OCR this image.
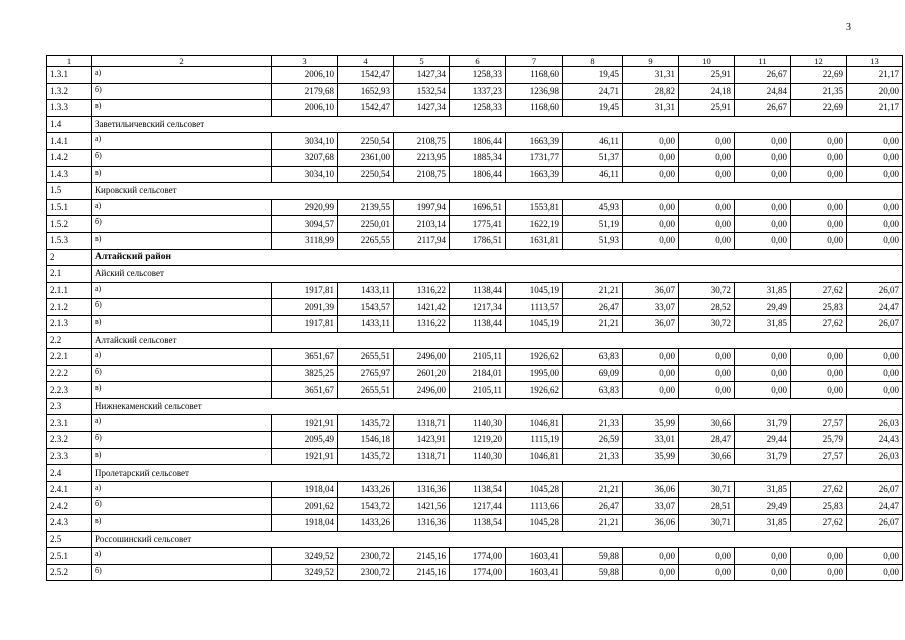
3
1	2	3	4	5	6	7	8	9	10	11	12	13
1.3.1	а)	2006,10	1542,47	1427,34	1258,33	1168,60	19,45	31,31	25,91	26,67	22,69	21,17
1.3.2	б)	2179,68	1652,93	1532,54	1337,23	1236,98	24,71	28,82	24,18	24,84	21,35	20,00
1.3.3	в)	2006,10	1542,47	1427,34	1258,33	1168,60	19,45	31,31	25,91	26,67	22,69	21,17
1.4	Заветильичевский сельсовет											
1.4.1	а)	3034,10	2250,54	2108,75	1806,44	1663,39	46,11	0,00	0,00	0,00	0,00	0,00
1.4.2	б)	3207,68	2361,00	2213,95	1885,34	1731,77	51,37	0,00	0,00	0,00	0,00	0,00
1.4.3	в)	3034,10	2250,54	2108,75	1806,44	1663,39	46,11	0,00	0,00	0,00	0,00	0,00
1.5	Кировский сельсовет											
1.5.1	а)	2920,99	2139,55	1997,94	1696,51	1553,81	45,93	0,00	0,00	0,00	0,00	0,00
1.5.2	б)	3094,57	2250,01	2103,14	1775,41	1622,19	51,19	0,00	0,00	0,00	0,00	0,00
1.5.3	в)	3118,99	2265,55	2117,94	1786,51	1631,81	51,93	0,00	0,00	0,00	0,00	0,00
2	Алтайский район											
2.1	Айский сельсовет											
2.1.1	а)	1917,81	1433,11	1316,22	1138,44	1045,19	21,21	36,07	30,72	31,85	27,62	26,07
2.1.2	б)	2091,39	1543,57	1421,42	1217,34	1113,57	26,47	33,07	28,52	29,49	25,83	24,47
2.1.3	в)	1917,81	1433,11	1316,22	1138,44	1045,19	21,21	36,07	30,72	31,85	27,62	26,07
2.2	Алтайский сельсовет											
2.2.1	а)	3651,67	2655,51	2496,00	2105,11	1926,62	63,83	0,00	0,00	0,00	0,00	0,00
2.2.2	б)	3825,25	2765,97	2601,20	2184,01	1995,00	69,09	0,00	0,00	0,00	0,00	0,00
2.2.3	в)	3651,67	2655,51	2496,00	2105,11	1926,62	63,83	0,00	0,00	0,00	0,00	0,00
2.3	Нижнекаменский сельсовет											
2.3.1	а)	1921,91	1435,72	1318,71	1140,30	1046,81	21,33	35,99	30,66	31,79	27,57	26,03
2.3.2	б)	2095,49	1546,18	1423,91	1219,20	1115,19	26,59	33,01	28,47	29,44	25,79	24,43
2.3.3	в)	1921,91	1435,72	1318,71	1140,30	1046,81	21,33	35,99	30,66	31,79	27,57	26,03
2.4	Пролетарский сельсовет											
2.4.1	а)	1918,04	1433,26	1316,36	1138,54	1045,28	21,21	36,06	30,71	31,85	27,62	26,07
2.4.2	б)	2091,62	1543,72	1421,56	1217,44	1113,66	26,47	33,07	28,51	29,49	25,83	24,47
2.4.3	в)	1918,04	1433,26	1316,36	1138,54	1045,28	21,21	36,06	30,71	31,85	27,62	26,07
2.5	Россошинский сельсовет											
2.5.1	а)	3249,52	2300,72	2145,16	1774,00	1603,41	59,88	0,00	0,00	0,00	0,00	0,00
2.5.2	б)	3249,52	2300,72	2145,16	1774,00	1603,41	59,88	0,00	0,00	0,00	0,00	0,00
